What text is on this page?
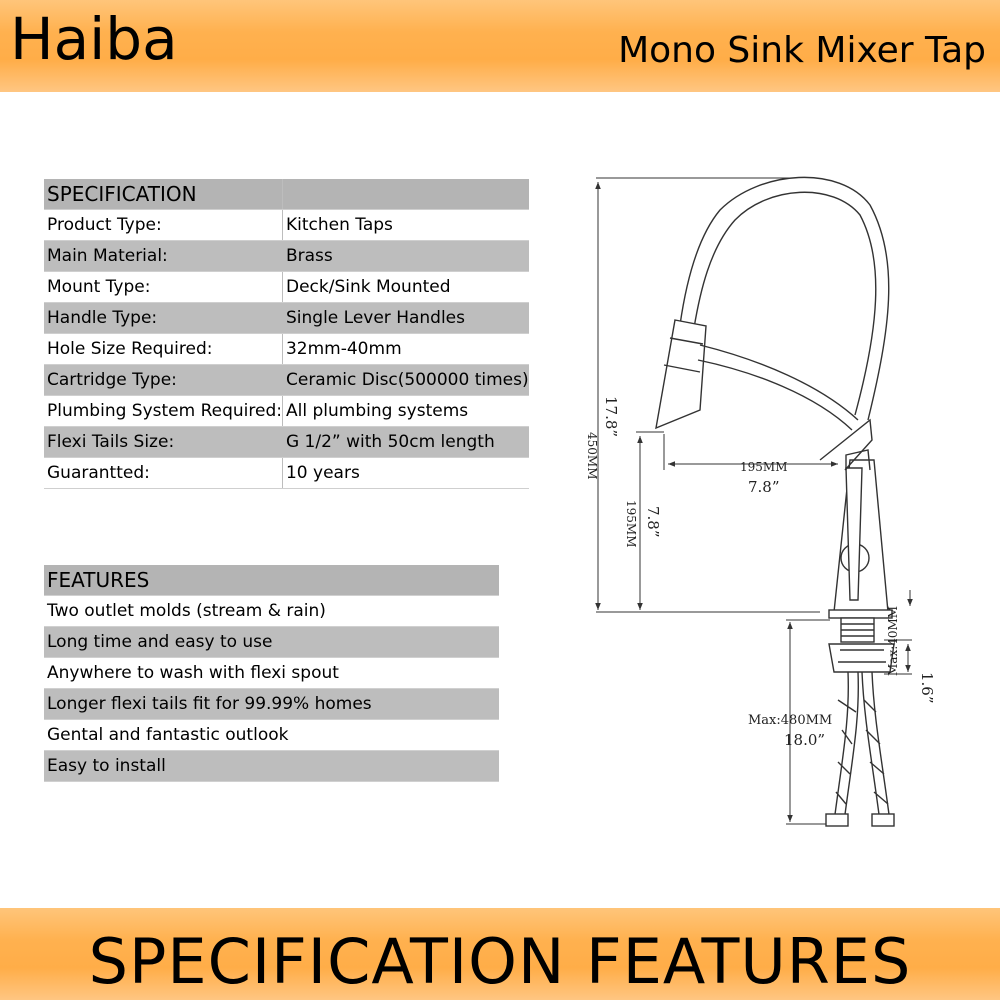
Haiba	Mono Sink Mixer Tap
SPECIFICATION	
Product Type:	Kitchen Taps
Main Material:	Brass
Mount Type:	Deck/Sink Mounted
Handle Type:	Single Lever Handles
Hole Size Required:	32mm-40mm
Cartridge Type:	Ceramic Disc(500000 times)
Plumbing System Required:	All plumbing systems
Flexi Tails Size:	G 1/2” with 50cm length
Guarantted:	10 years
FEATURES
Two outlet molds (stream & rain)
Long time and easy to use
Anywhere to wash with flexi spout
Longer flexi tails fit for 99.99% homes
Gental and fantastic outlook
Easy to install
450MM
17.8”
195MM 7.8”
195MM
7.8”
Max:480MM
18.0”
Max:40MM
1.6”
SPECIFICATION FEATURES
